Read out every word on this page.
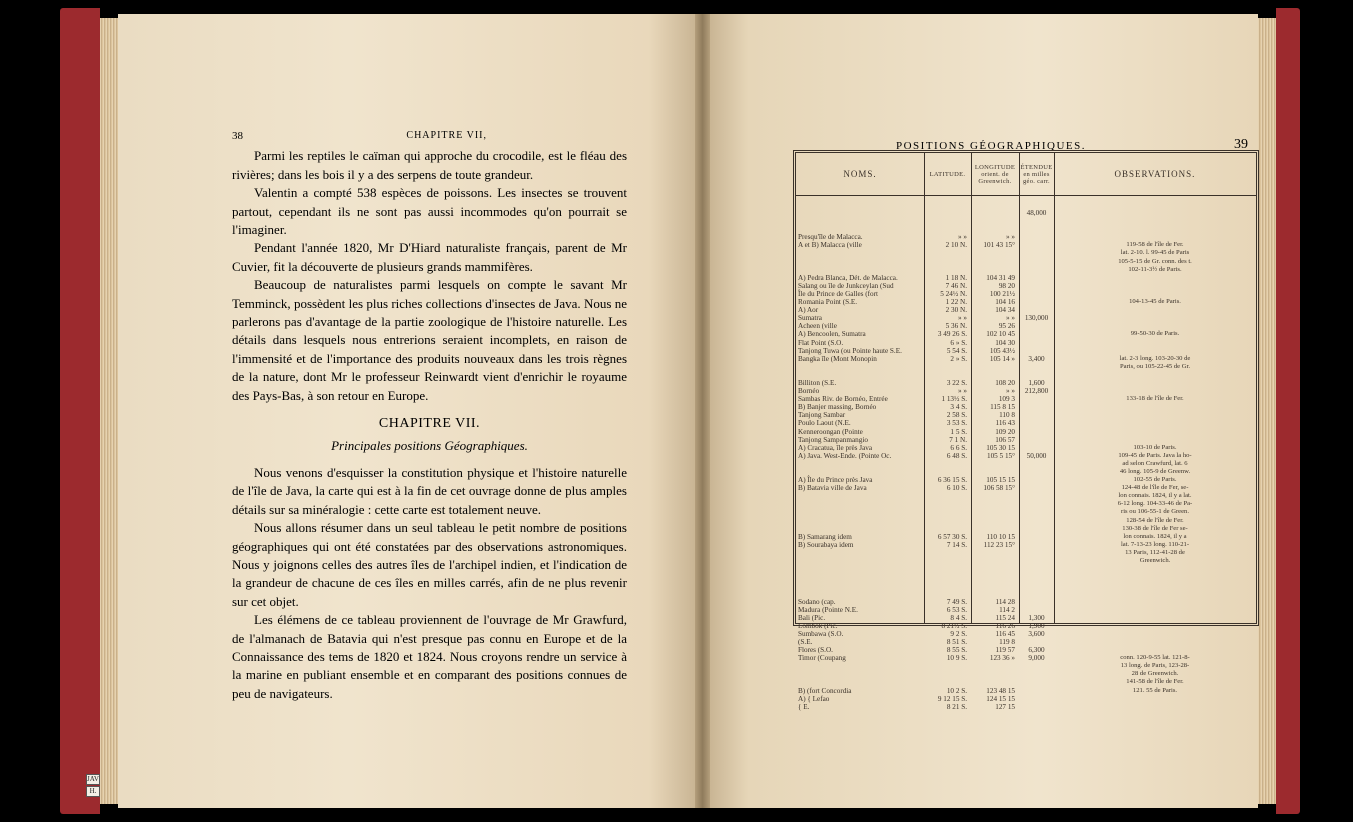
JAV
H.
38	CHAPITRE VII,

Parmi les reptiles le caïman qui approche du crocodile, est le fléau des rivières; dans les bois il y a des serpens de toute grandeur.

Valentin a compté 538 espèces de poissons. Les insectes se trouvent partout, cependant ils ne sont pas aussi incommodes qu'on pourrait se l'imaginer.

Pendant l'année 1820, Mr D'Hiard naturaliste français, parent de Mr Cuvier, fit la découverte de plusieurs grands mammifères.

Beaucoup de naturalistes parmi lesquels on compte le savant Mr Temminck, possèdent les plus riches collections d'insectes de Java. Nous ne parlerons pas d'avantage de la partie zoologique de l'histoire naturelle. Les détails dans lesquels nous entrerions seraient incomplets, en raison de l'immensité et de l'importance des produits nouveaux dans les trois règnes de la nature, dont Mr le professeur Reinwardt vient d'enrichir le royaume des Pays-Bas, à son retour en Europe.

CHAPITRE VII.
Principales positions Géographiques.

Nous venons d'esquisser la constitution physique et l'histoire naturelle de l'île de Java, la carte qui est à la fin de cet ouvrage donne de plus amples détails sur sa minéralogie : cette carte est totalement neuve.

Nous allons résumer dans un seul tableau le petit nombre de positions géographiques qui ont été constatées par des observations astronomiques. Nous y joignons celles des autres îles de l'archipel indien, et l'indication de la grandeur de chacune de ces îles en milles carrés, afin de ne plus revenir sur cet objet.

Les élémens de ce tableau proviennent de l'ouvrage de Mr Grawfurd, de l'almanach de Batavia qui n'est presque pas connu en Europe et de la Connaissance des tems de 1820 et 1824. Nous croyons rendre un service à la marine en publiant ensemble et en comparant des positions connues de peu de navigateurs.

POSITIONS GÉOGRAPHIQUES.	39
NOMS.
Presqu'île de Malacca.
A et B) Malacca (ville
A) Pedra Blanca, Dét. de Malacca.
Salang ou île de Junkceylan (Sud
Île du Prince de Galles (fort
Romania Point (S.E.
A) Aor
Sumatra
Acheen (ville
A) Bencoolen, Sumatra
Flat Point (S.O.
Tanjong Tuwa (ou Pointe haute S.E.
Bangka île (Mont Monopin
Billiton (S.E.
Bornéo
Sambas Riv. de Bornéo, Entrée
B) Banjer massing, Bornéo
Tanjong Sambar
Poulo Laout (N.E.
Kenneroongan (Pointe
Tanjong Sampanmangio
A) Cracatua, île près Java
A) Java. West-Ende. (Pointe Oc.
A) Île du Prince près Java
B) Batavia ville de Java
B) Samarang idem
B) Sourabaya idem
Sodano (cap.
Madura (Pointe N.E.
Bali (Pic.
Lombok (Pic.
Sumbawa (S.O.
(S.E.
Flores (S.O.
Timor (Coupang
B) (fort Concordia
A) { Lefao
{ E.
LATITUDE.
» »
2 10 N.
1 18 N.
7 46 N.
5 24½ N.
1 22 N.
2 30 N.
» »
5 36 N.
3 49 26 S.
6 » S.
5 54 S.
2 » S.
3 22 S.
» »
1 13½ S.
3 4 S.
2 58 S.
3 53 S.
1 5 S.
7 1 N.
6 6 S.
6 48 S.
6 36 15 S.
6 10 S.
6 57 30 S.
7 14 S.
7 49 S.
6 53 S.
8 4 S.
8 21½ S.
9 2 S.
8 51 S.
8 55 S.
10 9 S.
10 2 S.
9 12 15 S.
8 21 S.
LONGITUDE orient. de Greenwich.
» »
101 43 15°
104 31 49
98 20
100 21½
104 16
104 34
» »
95 26
102 10 45
104 30
105 43½
105 14 »
108 20
» »
109 3
115 8 15
110 8
116 43
109 20
106 57
105 30 15
105 5 15°
105 15 15
106 58 15°
110 10 15
112 23 15°
114 28
114 2
115 24
116 26
116 45
119 8
119 57
123 36 »
123 48 15
124 15 15
127 15
ÉTENDUE en milles géo. carr.
48,000
130,000
3,400
1,600
212,800
50,000
1,300
1,900
3,600
6,300
9,000
OBSERVATIONS.
119-58 de l'île de Fer.
lat. 2-10. l. 99-45 de Paris
105-5-15 de Gr. conn. des t.
102-11-3½ de Paris.
104-13-45 de Paris.
99-50-30 de Paris.
lat. 2-3 long. 103-20-30 de
Paris, ou 105-22-45 de Gr.
133-18 de l'île de Fer.
103-10 de Paris.
109-45 de Paris. Java la ho-
ad selon Crawfurd, lat. 6
46 long. 105-9 de Greenw.
102-55 de Paris.
124-48 de l'île de Fer, se-
lon connais. 1824, il y a lat.
6-12 long. 104-33-46 de Pa-
ris ou 106-55-1 de Green.
128-54 de l'île de Fer.
130-38 de l'île de Fer se-
lon connais. 1824, il y a
lat. 7-13-23 long. 110-21-
13 Paris, 112-41-28 de
Greenwich.
conn. 120-9-55 lat. 121-8-
13 long. de Paris, 123-28-
28 de Greenwich.
141-58 de l'île de Fer.
121. 55 de Paris.
